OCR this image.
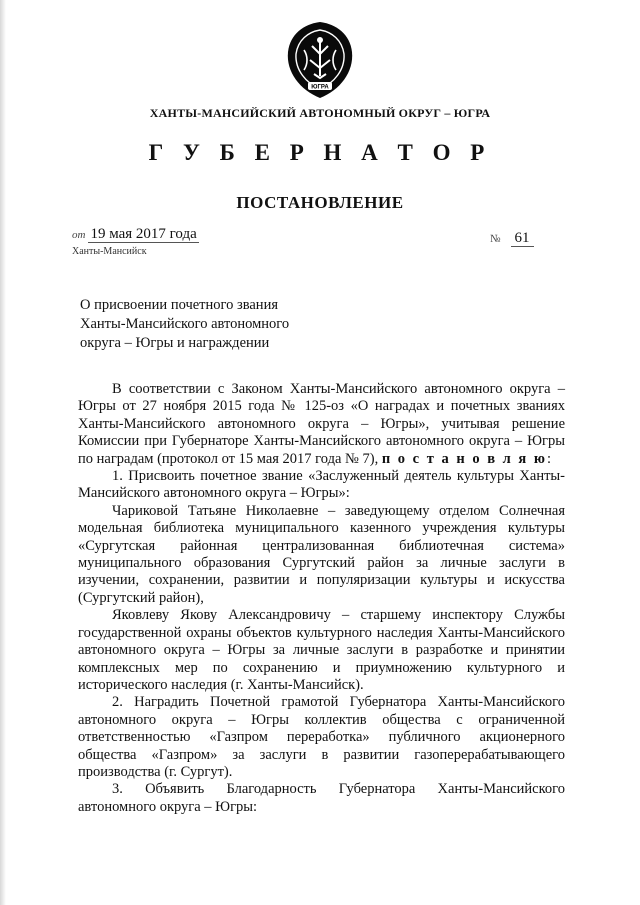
ЮГРА
ХАНТЫ-МАНСИЙСКИЙ АВТОНОМНЫЙ ОКРУГ – ЮГРА
Г У Б Е Р Н А Т О Р
ПОСТАНОВЛЕНИЕ
от 19 мая 2017 года	№ 61
Ханты-Мансийск
О присвоении почетного звания
Ханты-Мансийского автономного
округа – Югры и награждении

В соответствии с Законом Ханты-Мансийского автономного округа – Югры от 27 ноября 2015 года № 125-оз «О наградах и почетных званиях Ханты-Мансийского автономного округа – Югры», учитывая решение Комиссии при Губернаторе Ханты-Мансийского автономного округа – Югры по наградам (протокол от 15 мая 2017 года № 7), п о с т а н о в л я ю:

1. Присвоить почетное звание «Заслуженный деятель культуры Ханты-Мансийского автономного округа – Югры»:

Чариковой Татьяне Николаевне – заведующему отделом Солнечная модельная библиотека муниципального казенного учреждения культуры «Сургутская районная централизованная библиотечная система» муниципального образования Сургутский район за личные заслуги в изучении, сохранении, развитии и популяризации культуры и искусства (Сургутский район),

Яковлеву Якову Александровичу – старшему инспектору Службы государственной охраны объектов культурного наследия Ханты-Мансийского автономного округа – Югры за личные заслуги в разработке и принятии комплексных мер по сохранению и приумножению культурного и исторического наследия (г. Ханты-Мансийск).

2. Наградить Почетной грамотой Губернатора Ханты-Мансийского автономного округа – Югры коллектив общества с ограниченной ответственностью «Газпром переработка» публичного акционерного общества «Газпром» за заслуги в развитии газоперерабатывающего производства (г. Сургут).

3. Объявить Благодарность Губернатора Ханты-Мансийского автономного округа – Югры:
